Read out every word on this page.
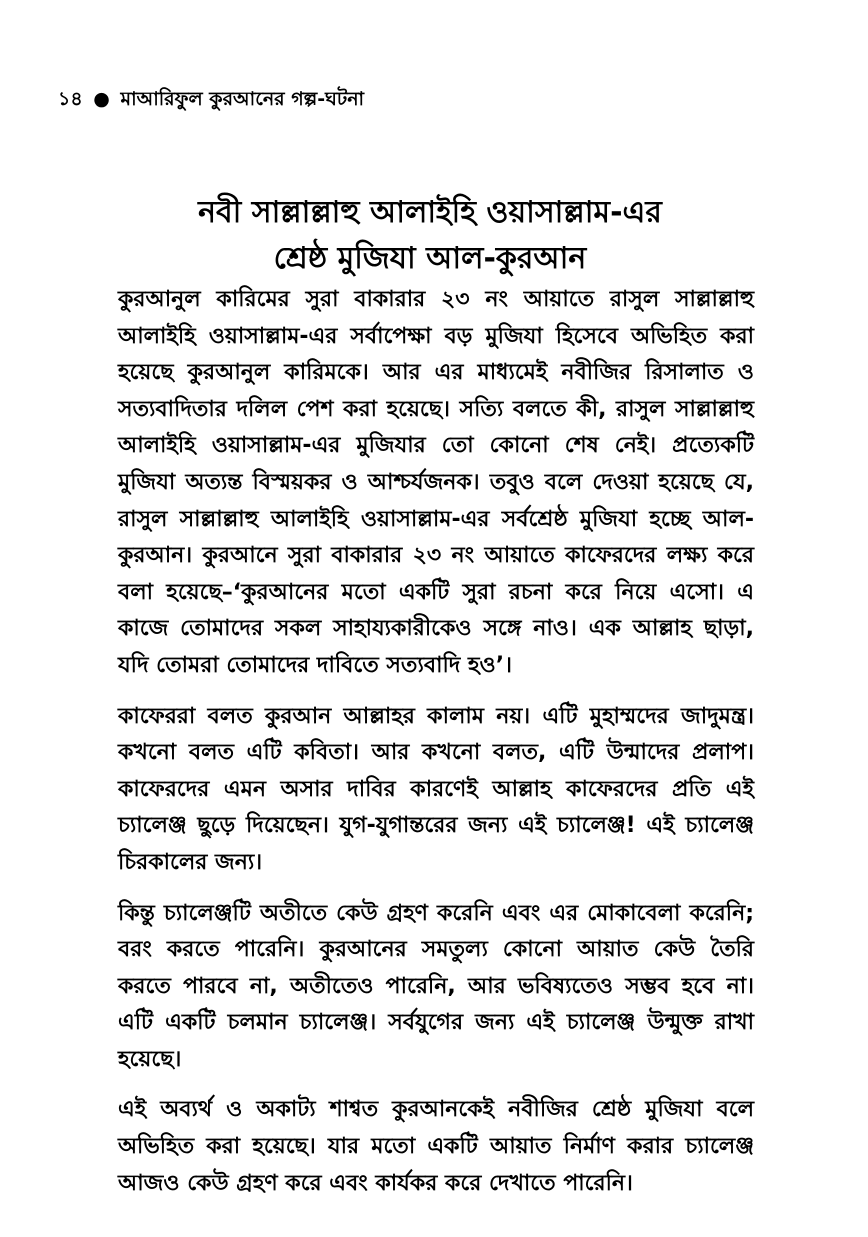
১৪ ● মাআরিফুল কুরআনের গল্প-ঘটনা
নবী সাল্লাল্লাহু আলাইহি ওয়াসাল্লাম-এর
শ্রেষ্ঠ মুজিযা আল-কুরআন

কুরআনুল কারিমের সুরা বাকারার ২৩ নং আয়াতে রাসুল সাল্লাল্লাহু আলাইহি ওয়াসাল্লাম-এর সর্বাপেক্ষা বড় মুজিযা হিসেবে অভিহিত করা হয়েছে কুরআনুল কারিমকে। আর এর মাধ্যমেই নবীজির রিসালাত ও সত্যবাদিতার দলিল পেশ করা হয়েছে। সত্যি বলতে কী, রাসুল সাল্লাল্লাহু আলাইহি ওয়াসাল্লাম-এর মুজিযার তো কোনো শেষ নেই। প্রত্যেকটি মুজিযা অত্যন্ত বিস্ময়কর ও আশ্চর্যজনক। তবুও বলে দেওয়া হয়েছে যে, রাসুল সাল্লাল্লাহু আলাইহি ওয়াসাল্লাম-এর সর্বশ্রেষ্ঠ মুজিযা হচ্ছে আল-কুরআন। কুরআনে সুরা বাকারার ২৩ নং আয়াতে কাফেরদের লক্ষ্য করে বলা হয়েছে–‘কুরআনের মতো একটি সুরা রচনা করে নিয়ে এসো। এ কাজে তোমাদের সকল সাহায্যকারীকেও সঙ্গে নাও। এক আল্লাহ ছাড়া, যদি তোমরা তোমাদের দাবিতে সত্যবাদি হও’।

কাফেররা বলত কুরআন আল্লাহর কালাম নয়। এটি মুহাম্মদের জাদুমন্ত্র। কখনো বলত এটি কবিতা। আর কখনো বলত, এটি উন্মাদের প্রলাপ। কাফেরদের এমন অসার দাবির কারণেই আল্লাহ কাফেরদের প্রতি এই চ্যালেঞ্জ ছুড়ে দিয়েছেন। যুগ-যুগান্তরের জন্য এই চ্যালেঞ্জ! এই চ্যালেঞ্জ চিরকালের জন্য।

কিন্তু চ্যালেঞ্জটি অতীতে কেউ গ্রহণ করেনি এবং এর মোকাবেলা করেনি; বরং করতে পারেনি। কুরআনের সমতুল্য কোনো আয়াত কেউ তৈরি করতে পারবে না, অতীতেও পারেনি, আর ভবিষ্যতেও সম্ভব হবে না। এটি একটি চলমান চ্যালেঞ্জ। সর্বযুগের জন্য এই চ্যালেঞ্জ উন্মুক্ত রাখা হয়েছে।

এই অব্যর্থ ও অকাট্য শাশ্বত কুরআনকেই নবীজির শ্রেষ্ঠ মুজিযা বলে অভিহিত করা হয়েছে। যার মতো একটি আয়াত নির্মাণ করার চ্যালেঞ্জ আজও কেউ গ্রহণ করে এবং কার্যকর করে দেখাতে পারেনি।
